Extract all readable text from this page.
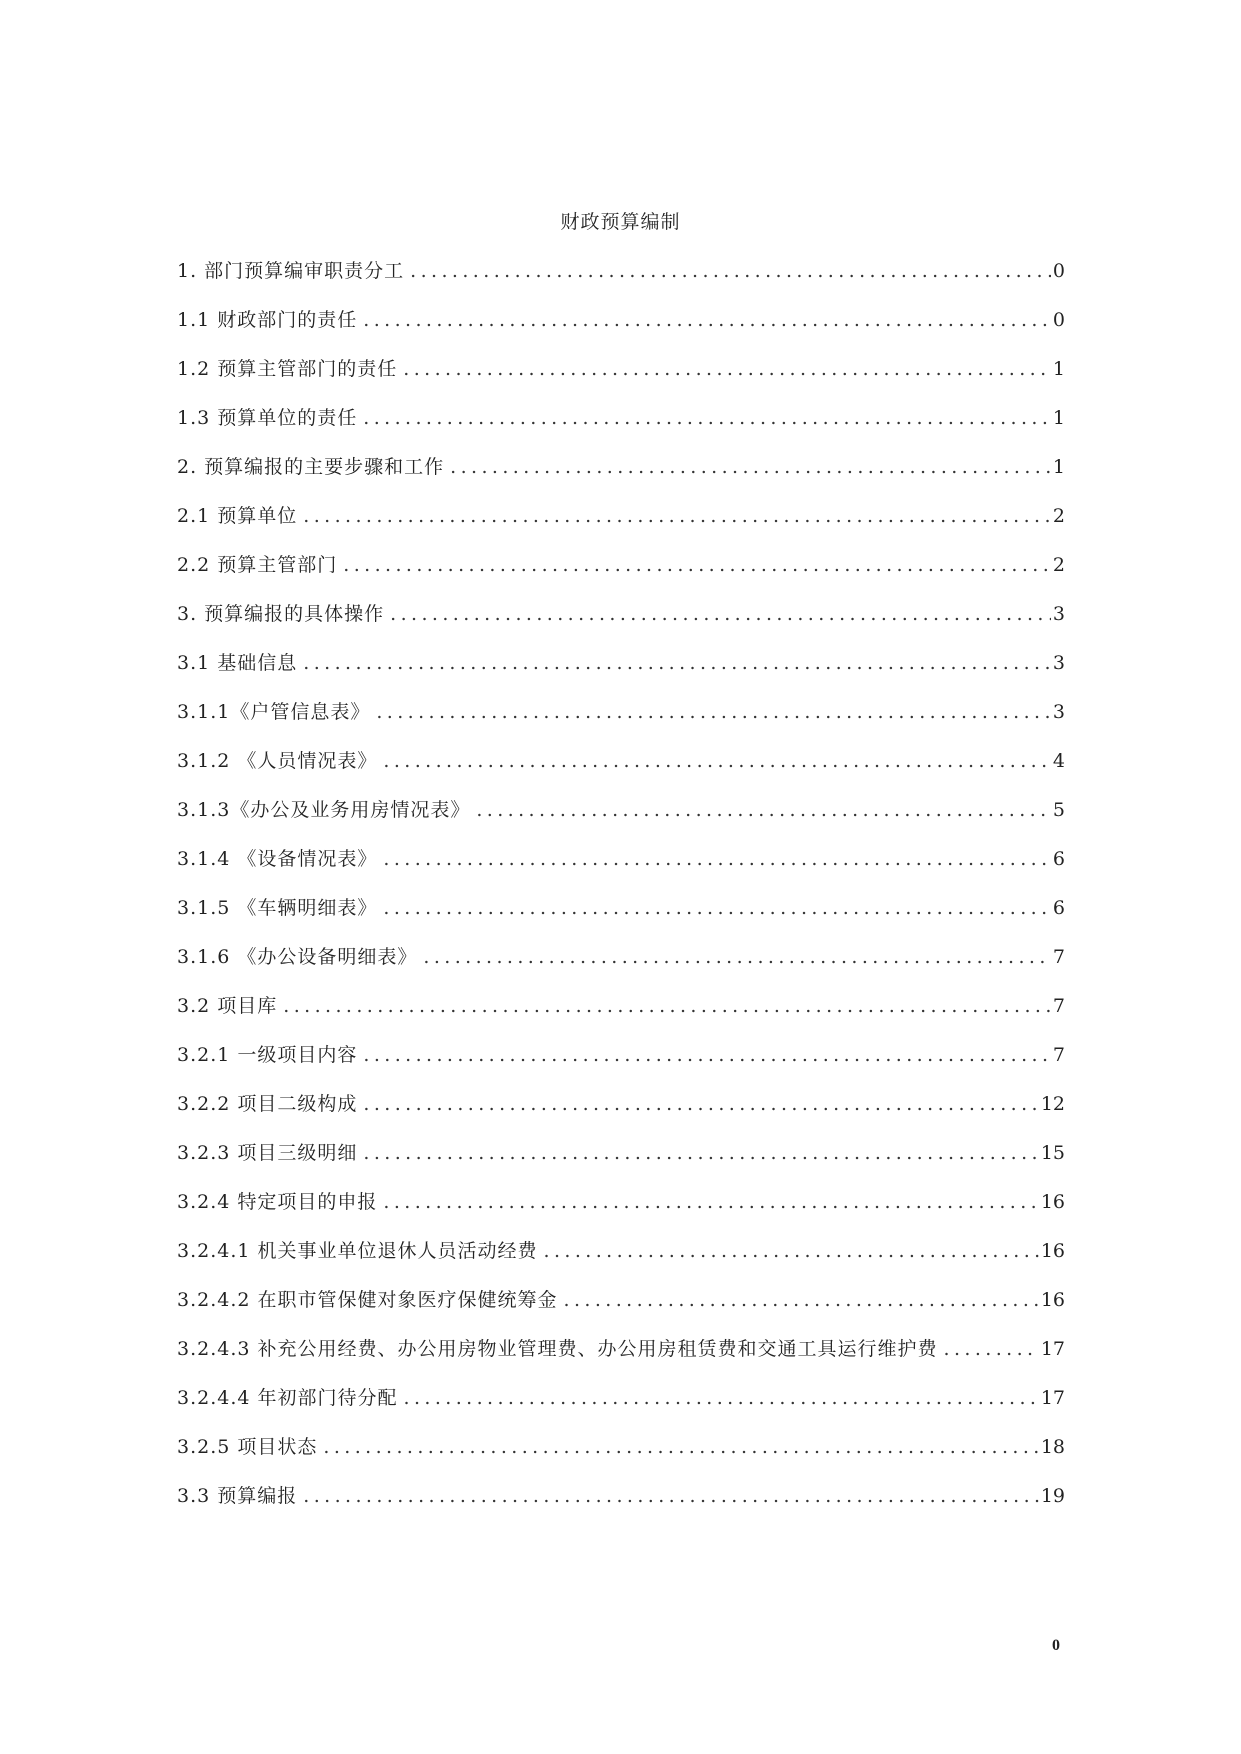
财政预算编制
1. 部门预算编审职责分工 .....	0
1.1 财政部门的责任 .....	0
1.2 预算主管部门的责任 .....	1
1.3 预算单位的责任 .....	1
2. 预算编报的主要步骤和工作 .....	1
2.1 预算单位 .....	2
2.2 预算主管部门 .....	2
3. 预算编报的具体操作 .....	3
3.1 基础信息 .....	3
3.1.1《户管信息表》 .....	3
3.1.2 《人员情况表》 .....	4
3.1.3《办公及业务用房情况表》 .....	5
3.1.4 《设备情况表》 .....	6
3.1.5 《车辆明细表》 .....	6
3.1.6 《办公设备明细表》 .....	7
3.2 项目库 .....	7
3.2.1 一级项目内容 .....	7
3.2.2 项目二级构成 .....	12
3.2.3 项目三级明细 .....	15
3.2.4 特定项目的申报 .....	16
3.2.4.1 机关事业单位退休人员活动经费 .....	16
3.2.4.2 在职市管保健对象医疗保健统筹金 .....	16
3.2.4.3 补充公用经费、办公用房物业管理费、办公用房租赁费和交通工具运行维护费 .....	17
3.2.4.4 年初部门待分配 .....	17
3.2.5 项目状态 .....	18
3.3 预算编报 .....	19
0
